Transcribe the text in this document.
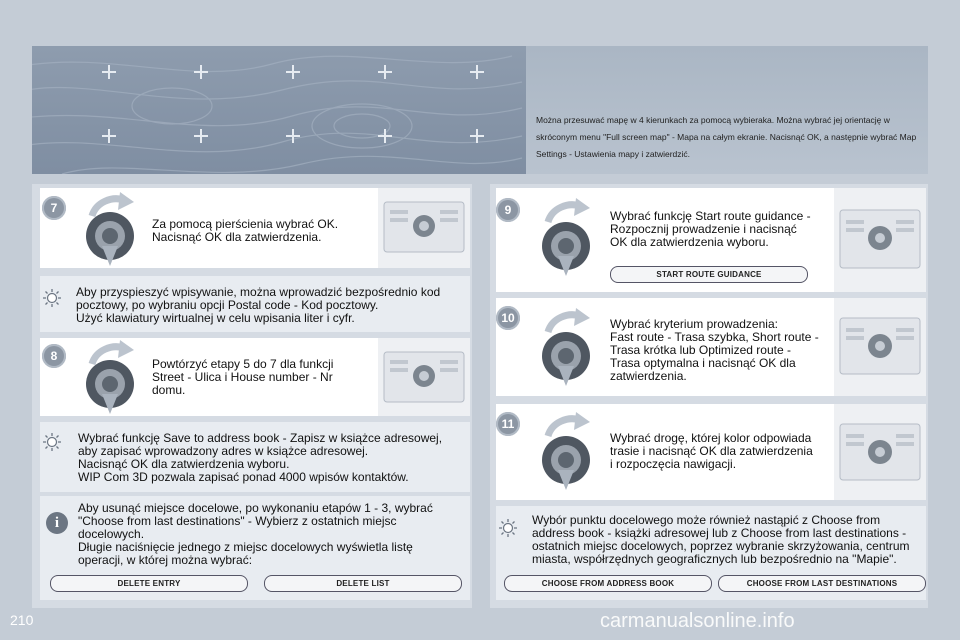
Można przesuwać mapę w 4 kierunkach za pomocą wybieraka. Można wybrać jej orientację w skróconym menu "Full screen map" - Mapa na całym ekranie. Nacisnąć OK, a następnie wybrać Map Settings - Ustawienia mapy i zatwierdzić.
7
Za pomocą pierścienia wybrać OK.
Nacisnąć OK dla zatwierdzenia.
Aby przyspieszyć wpisywanie, można wprowadzić bezpośrednio kod
pocztowy, po wybraniu opcji Postal code - Kod pocztowy.
Użyć klawiatury wirtualnej w celu wpisania liter i cyfr.
8
Powtórzyć etapy 5 do 7 dla funkcji
Street - Ulica i House number - Nr
domu.
Wybrać funkcję Save to address book - Zapisz w książce adresowej,
aby zapisać wprowadzony adres w książce adresowej.
Nacisnąć OK dla zatwierdzenia wyboru.
WIP Com 3D pozwala zapisać ponad 4000 wpisów kontaktów.
i
Aby usunąć miejsce docelowe, po wykonaniu etapów 1 - 3, wybrać
"Choose from last destinations" - Wybierz z ostatnich miejsc
docelowych.
Długie naciśnięcie jednego z miejsc docelowych wyświetla listę
operacji, w której można wybrać:
DELETE ENTRY	DELETE LIST
9	Wybrać funkcję Start route guidance -
Rozpocznij prowadzenie i nacisnąć
OK dla zatwierdzenia wyboru.
START ROUTE GUIDANCE
10	Wybrać kryterium prowadzenia:
Fast route - Trasa szybka, Short route -
Trasa krótka lub Optimized route -
Trasa optymalna i nacisnąć OK dla
zatwierdzenia.
11
Wybrać drogę, której kolor odpowiada
trasie i nacisnąć OK dla zatwierdzenia
i rozpoczęcia nawigacji.
Wybór punktu docelowego może również nastąpić z Choose from
address book - książki adresowej lub z Choose from last destinations -
ostatnich miejsc docelowych, poprzez wybranie skrzyżowania, centrum
miasta, współrzędnych geograficznych lub bezpośrednio na "Mapie".
CHOOSE FROM ADDRESS BOOK	CHOOSE FROM LAST DESTINATIONS
210	carmanualsonline.info
